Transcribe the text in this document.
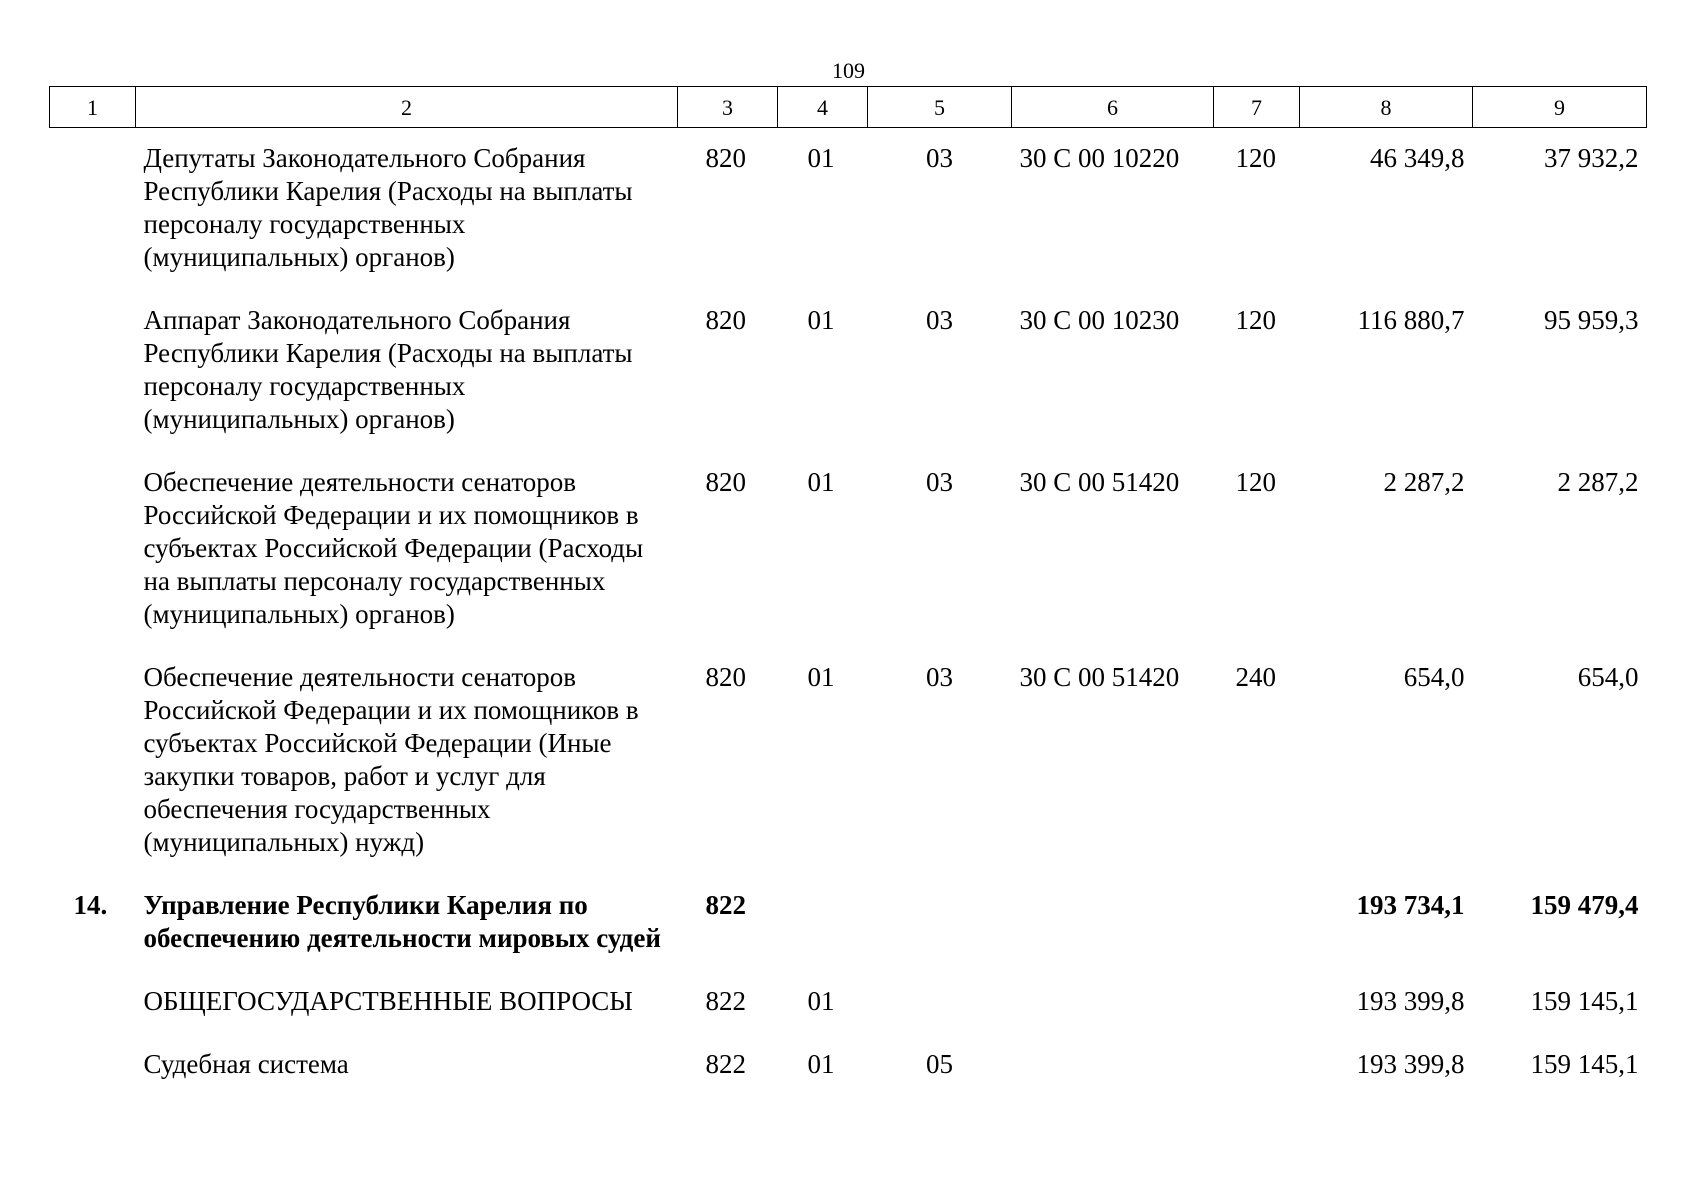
109
1	2	3	4	5	6	7	8	9
	Депутаты Законодательного Собрания Республики Карелия (Расходы на выплаты персоналу государственных (муниципальных) органов)	820	01	03	30 С 00 10220	120	46 349,8	37 932,2
	Аппарат Законодательного Собрания Республики Карелия (Расходы на выплаты персоналу государственных (муниципальных) органов)	820	01	03	30 С 00 10230	120	116 880,7	95 959,3
	Обеспечение деятельности сенаторов Российской Федерации и их помощников в субъектах Российской Федерации (Расходы на выплаты персоналу государственных (муниципальных) органов)	820	01	03	30 С 00 51420	120	2 287,2	2 287,2
	Обеспечение деятельности сенаторов Российской Федерации и их помощников в субъектах Российской Федерации (Иные закупки товаров, работ и услуг для обеспечения государственных (муниципальных) нужд)	820	01	03	30 С 00 51420	240	654,0	654,0
14.	Управление Республики Карелия по обеспечению деятельности мировых судей	822					193 734,1	159 479,4
	ОБЩЕГОСУДАРСТВЕННЫЕ ВОПРОСЫ	822	01				193 399,8	159 145,1
	Судебная система	822	01	05			193 399,8	159 145,1
